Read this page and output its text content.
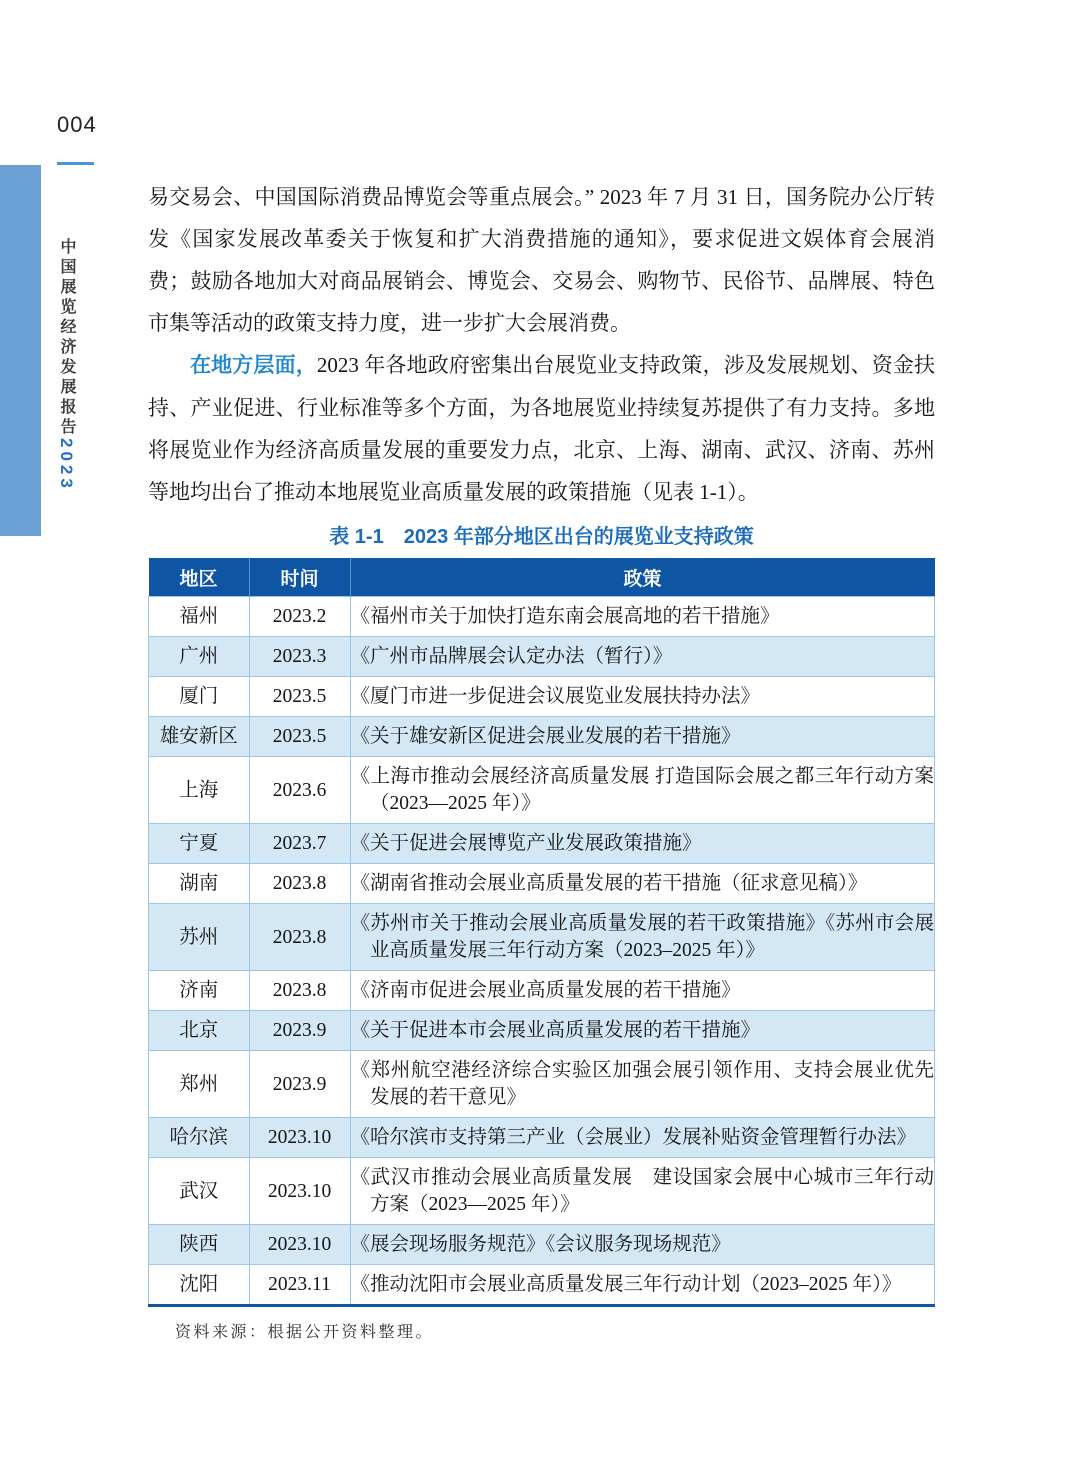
004
中国展览经济发展报告2023

易交易会、中国国际消费品博览会等重点展会。” 2023 年 7 月 31 日，国务院办公厅转发《国家发展改革委关于恢复和扩大消费措施的通知》，要求促进文娱体育会展消费；鼓励各地加大对商品展销会、博览会、交易会、购物节、民俗节、品牌展、特色市集等活动的政策支持力度，进一步扩大会展消费。

在地方层面，2023 年各地政府密集出台展览业支持政策，涉及发展规划、资金扶持、产业促进、行业标准等多个方面，为各地展览业持续复苏提供了有力支持。多地将展览业作为经济高质量发展的重要发力点，北京、上海、湖南、武汉、济南、苏州等地均出台了推动本地展览业高质量发展的政策措施（见表 1-1）。

表 1-1　2023 年部分地区出台的展览业支持政策
地区	时间	政策
福州	2023.2	《福州市关于加快打造东南会展高地的若干措施》

广州	2023.3	《广州市品牌展会认定办法（暂行）》

厦门	2023.5	《厦门市进一步促进会议展览业发展扶持办法》

雄安新区	2023.5	《关于雄安新区促进会展业发展的若干措施》

上海	2023.6	《上海市推动会展经济高质量发展 打造国际会展之都三年行动方案（2023—2025 年）》

宁夏	2023.7	《关于促进会展博览产业发展政策措施》

湖南	2023.8	《湖南省推动会展业高质量发展的若干措施（征求意见稿）》

苏州	2023.8	《苏州市关于推动会展业高质量发展的若干政策措施》《苏州市会展业高质量发展三年行动方案（2023–2025 年）》

济南	2023.8	《济南市促进会展业高质量发展的若干措施》

北京	2023.9	《关于促进本市会展业高质量发展的若干措施》

郑州	2023.9	《郑州航空港经济综合实验区加强会展引领作用、支持会展业优先发展的若干意见》

哈尔滨	2023.10	《哈尔滨市支持第三产业（会展业）发展补贴资金管理暂行办法》

武汉	2023.10	《武汉市推动会展业高质量发展　建设国家会展中心城市三年行动方案（2023—2025 年）》

陕西	2023.10	《展会现场服务规范》《会议服务现场规范》

沈阳	2023.11	《推动沈阳市会展业高质量发展三年行动计划（2023–2025 年）》
资料来源：根据公开资料整理。
